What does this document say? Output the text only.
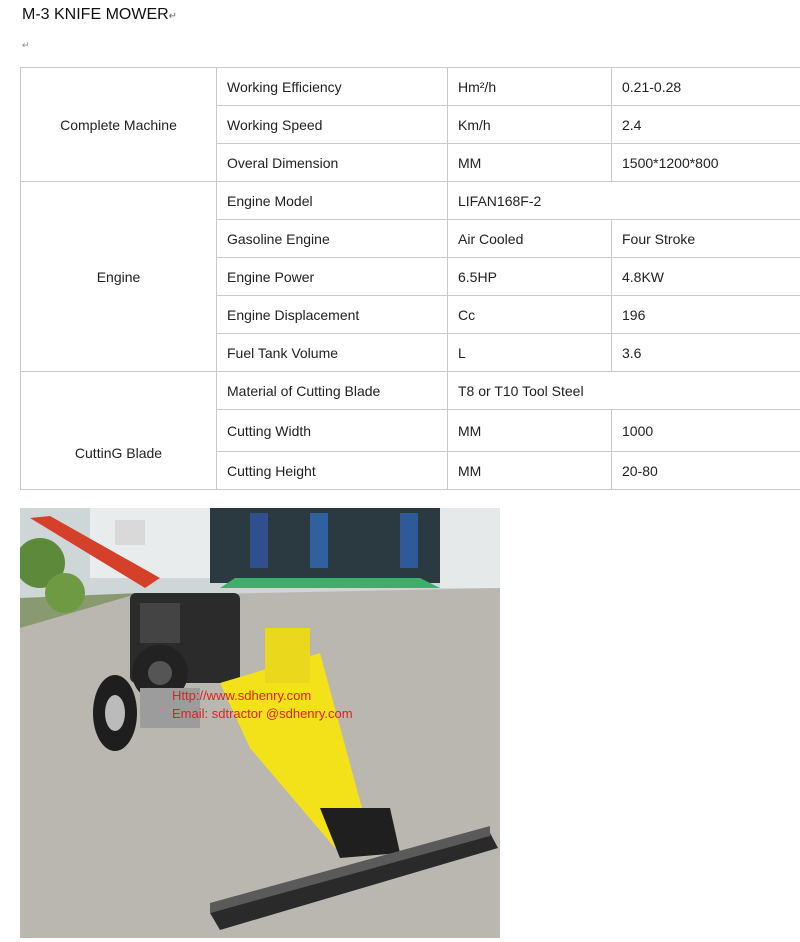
M-3 KNIFE MOWER↵
↵
Complete Machine	Working Efficiency	Hm²/h	0.21-0.28
	Working Speed	Km/h	2.4
	Overal Dimension	MM	1500*1200*800
Engine	Engine Model	LIFAN168F-2	
	Gasoline Engine	Air Cooled	Four Stroke
	Engine Power	6.5HP	4.8KW
	Engine Displacement	Cc	196
	Fuel Tank Volume	L	3.6
CuttinG Blade	Material of Cutting Blade	T8 or T10 Tool Steel	
	Cutting Width	MM	1000
	Cutting Height	MM	20-80
Http://www.sdhenry.com
Email: sdtractor @sdhenry.com
